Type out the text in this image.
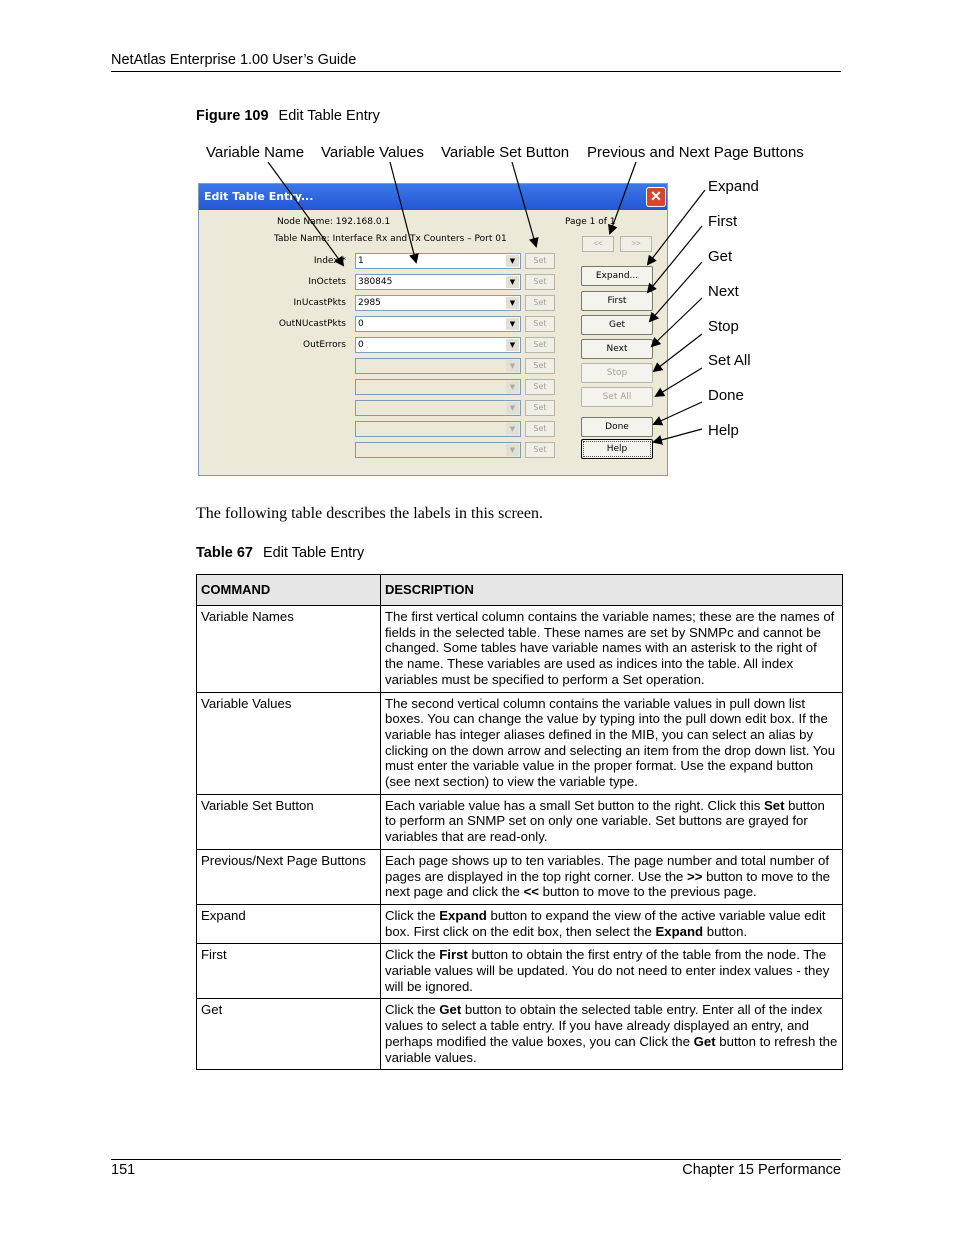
NetAtlas Enterprise 1.00 User’s Guide
Figure 109 Edit Table Entry
Variable Name Variable Values Variable Set Button Previous and Next Page Buttons
Expand
First
Get
Next
Stop
Set All
Done
Help
Edit Table Entry...	✕
Node Name: 192.168.0.1
Table Name: Interface Rx and Tx Counters – Port 01
Page 1 of 1
<<	>>
Index *	1	▼	Set
InOctets	380845	▼	Set
InUcastPkts	2985	▼	Set
OutNUcastPkts	0	▼	Set
OutErrors	0	▼	Set
▼	Set
▼	Set
▼	Set
▼	Set
▼	Set
Expand...
First
Get
Next
Stop
Set All
Done
Help
The following table describes the labels in this screen.
Table 67 Edit Table Entry
COMMAND	DESCRIPTION
Variable Names	The first vertical column contains the variable names; these are the names of fields in the selected table. These names are set by SNMPc and cannot be changed. Some tables have variable names with an asterisk to the right of the name. These variables are used as indices into the table. All index variables must be specified to perform a Set operation.
Variable Values	The second vertical column contains the variable values in pull down list boxes. You can change the value by typing into the pull down edit box. If the variable has integer aliases defined in the MIB, you can select an alias by clicking on the down arrow and selecting an item from the drop down list. You must enter the variable value in the proper format. Use the expand button (see next section) to view the variable type.
Variable Set Button	Each variable value has a small Set button to the right. Click this Set button to perform an SNMP set on only one variable. Set buttons are grayed for variables that are read-only.
Previous/Next Page Buttons	Each page shows up to ten variables. The page number and total number of pages are displayed in the top right corner. Use the >> button to move to the next page and click the << button to move to the previous page.
Expand	Click the Expand button to expand the view of the active variable value edit box. First click on the edit box, then select the Expand button.
First	Click the First button to obtain the first entry of the table from the node. The variable values will be updated. You do not need to enter index values - they will be ignored.
Get	Click the Get button to obtain the selected table entry. Enter all of the index values to select a table entry. If you have already displayed an entry, and perhaps modified the value boxes, you can Click the Get button to refresh the variable values.
151	Chapter 15 Performance
